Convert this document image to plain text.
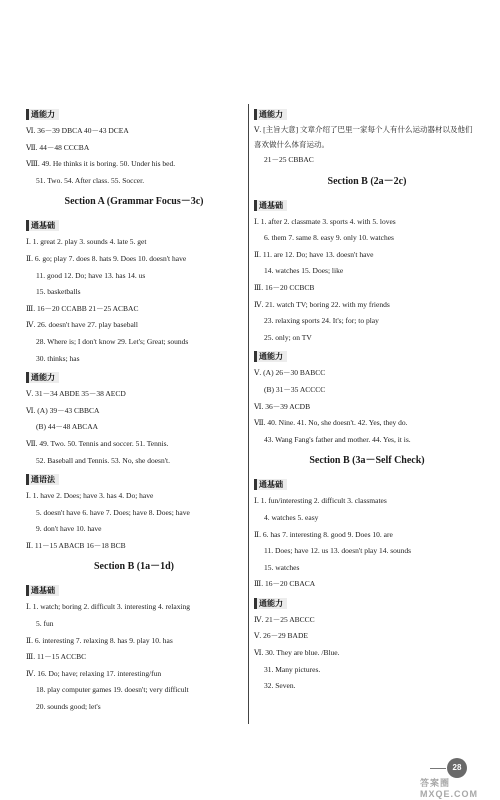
通能力
Ⅵ. 36－39 DBCA 40－43 DCEA
Ⅶ. 44－48 CCCBA
Ⅷ. 49. He thinks it is boring. 50. Under his bed.
51. Two. 54. After class. 55. Soccer.
Section A (Grammar Focus－3c)
通基础
Ⅰ. 1. great 2. play 3. sounds 4. late 5. get
Ⅱ. 6. go; play 7. does 8. hats 9. Does 10. doesn't have
11. good 12. Do; have 13. has 14. us
15. basketballs
Ⅲ. 16－20 CCABB 21－25 ACBAC
Ⅳ. 26. doesn't have 27. play baseball
28. Where is; I don't know 29. Let's; Great; sounds
30. thinks; has
通能力
Ⅴ. 31－34 ABDE 35－38 AECD
Ⅵ. (A) 39－43 CBBCA
(B) 44－48 ABCAA
Ⅶ. 49. Two. 50. Tennis and soccer. 51. Tennis.
52. Baseball and Tennis. 53. No, she doesn't.
通语法
Ⅰ. 1. have 2. Does; have 3. has 4. Do; have
5. doesn't have 6. have 7. Does; have 8. Does; have
9. don't have 10. have
Ⅱ. 11－15 ABACB 16－18 BCB
Section B (1a－1d)
通基础
Ⅰ. 1. watch; boring 2. difficult 3. interesting 4. relaxing
5. fun
Ⅱ. 6. interesting 7. relaxing 8. has 9. play 10. has
Ⅲ. 11－15 ACCBC
Ⅳ. 16. Do; have; relaxing 17. interesting/fun
18. play computer games 19. doesn't; very difficult
20. sounds good; let's
通能力
Ⅴ. [主旨大意] 文章介绍了巴里一家每个人有什么运动器材以及他们喜欢做什么体育运动。
21－25 CBBAC
Section B (2a－2c)
通基础
Ⅰ. 1. after 2. classmate 3. sports 4. with 5. loves
6. them 7. same 8. easy 9. only 10. watches
Ⅱ. 11. are 12. Do; have 13. doesn't have
14. watches 15. Does; like
Ⅲ. 16－20 CCBCB
Ⅳ. 21. watch TV; boring 22. with my friends
23. relaxing sports 24. It's; for; to play
25. only; on TV
通能力
Ⅴ. (A) 26－30 BABCC
(B) 31－35 ACCCC
Ⅵ. 36－39 ACDB
Ⅶ. 40. Nine. 41. No, she doesn't. 42. Yes, they do.
43. Wang Fang's father and mother. 44. Yes, it is.
Section B (3a－Self Check)
通基础
Ⅰ. 1. fun/interesting 2. difficult 3. classmates
4. watches 5. easy
Ⅱ. 6. has 7. interesting 8. good 9. Does 10. are
11. Does; have 12. us 13. doesn't play 14. sounds
15. watches
Ⅲ. 16－20 CBACA
通能力
Ⅳ. 21－25 ABCCC
Ⅴ. 26－29 BADE
Ⅵ. 30. They are blue. /Blue.
31. Many pictures.
32. Seven.
28
答案圈 MXQE.COM
